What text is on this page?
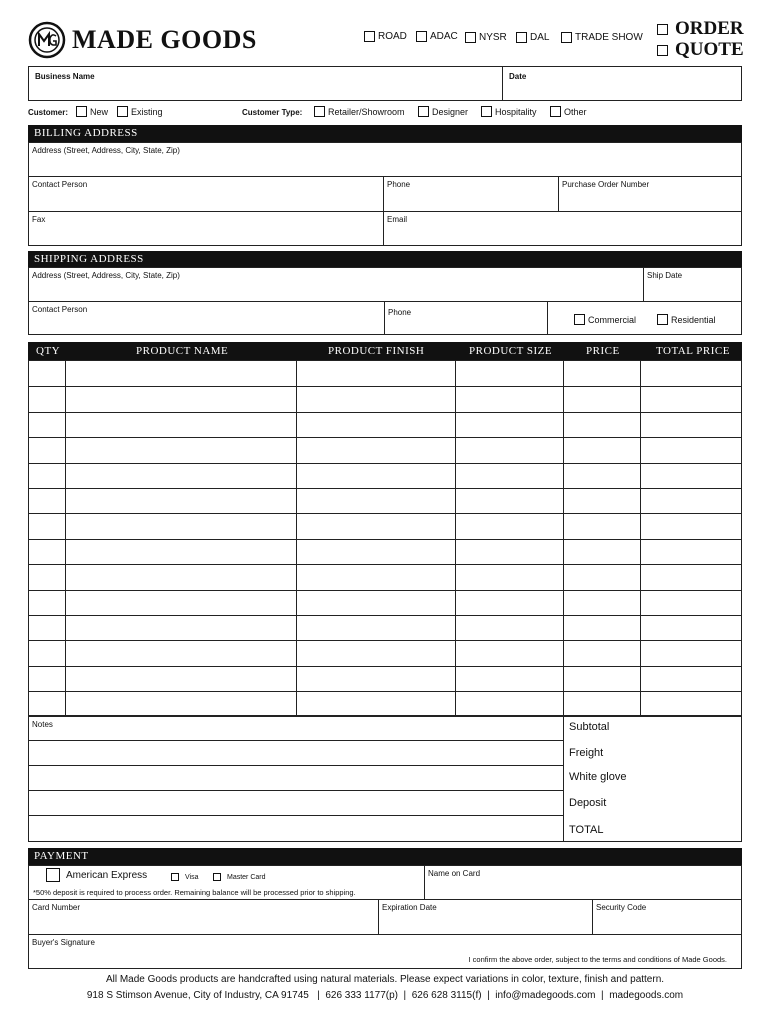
MADE GOODS	ROAD ADAC NYSR DAL	TRADE SHOW ORDER
QUOTE
Business Name	Date
Customer: New	Existing	Customer Type:	Retailer/Showroom	Designer	Hospitality	Other
BILLING ADDRESS
Address (Street, Address, City, State, Zip)
Contact Person	Phone	Purchase Order Number
Fax	Email
SHIPPING ADDRESS
Address (Street, Address, City, State, Zip)	Ship Date
Contact Person	Phone
Commercial	Residential
QTY	PRODUCT NAME	PRODUCT FINISH	PRODUCT SIZE	PRICE	TOTAL PRICE
Notes	Subtotal
Freight
White glove
Deposit
TOTAL
PAYMENT
American Express	Visa	Master Card	Name on Card
*50% deposit is required to process order. Remaining balance will be processed prior to shipping.
Card Number	Expiration Date	Security Code
Buyer's Signature
I confirm the above order, subject to the terms and conditions of Made Goods.
All Made Goods products are handcrafted using natural materials. Please expect variations in color, texture, finish and pattern.
918 S Stimson Avenue, City of Industry, CA 91745   |  626 333 1177(p)  |  626 628 3115(f)  |  info@madegoods.com  |  madegoods.com
